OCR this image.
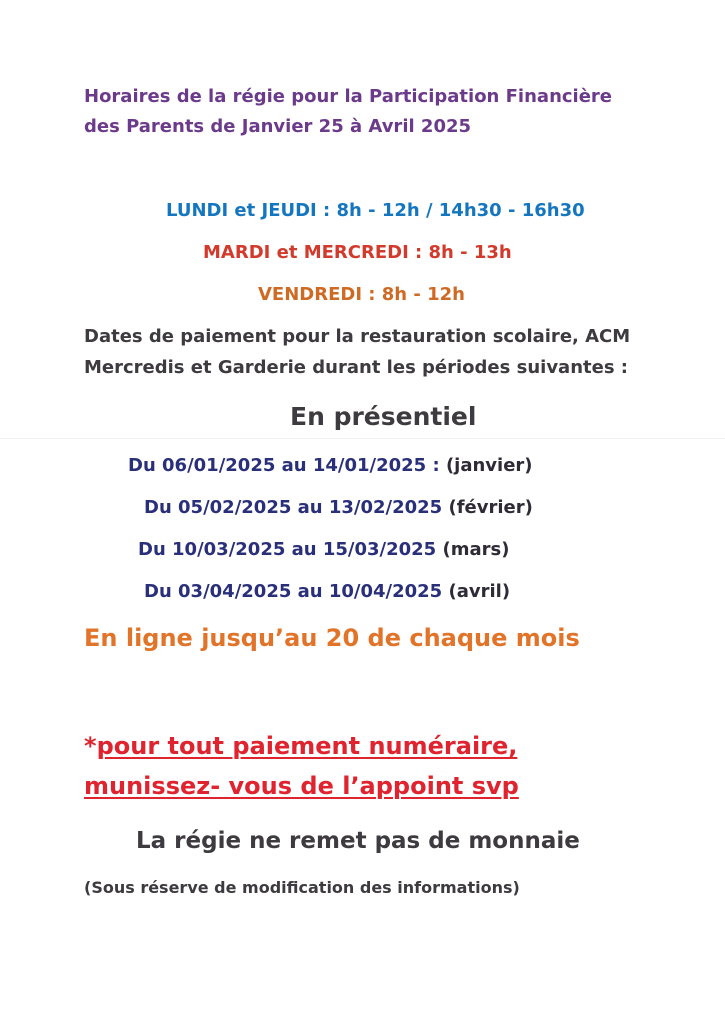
Horaires de la régie pour la Participation Financière
des Parents de Janvier 25 à Avril 2025
LUNDI et JEUDI : 8h - 12h / 14h30 - 16h30
MARDI et MERCREDI : 8h - 13h
VENDREDI : 8h - 12h
Dates de paiement pour la restauration scolaire, ACM
Mercredis et Garderie durant les périodes suivantes :
En présentiel
Du 06/01/2025 au 14/01/2025 : (janvier)
Du 05/02/2025 au 13/02/2025 (février)
Du 10/03/2025 au 15/03/2025 (mars)
Du 03/04/2025 au 10/04/2025 (avril)
En ligne jusqu’au 20 de chaque mois
*pour tout paiement numéraire,
munissez- vous de l’appoint svp
La régie ne remet pas de monnaie
(Sous réserve de modification des informations)
